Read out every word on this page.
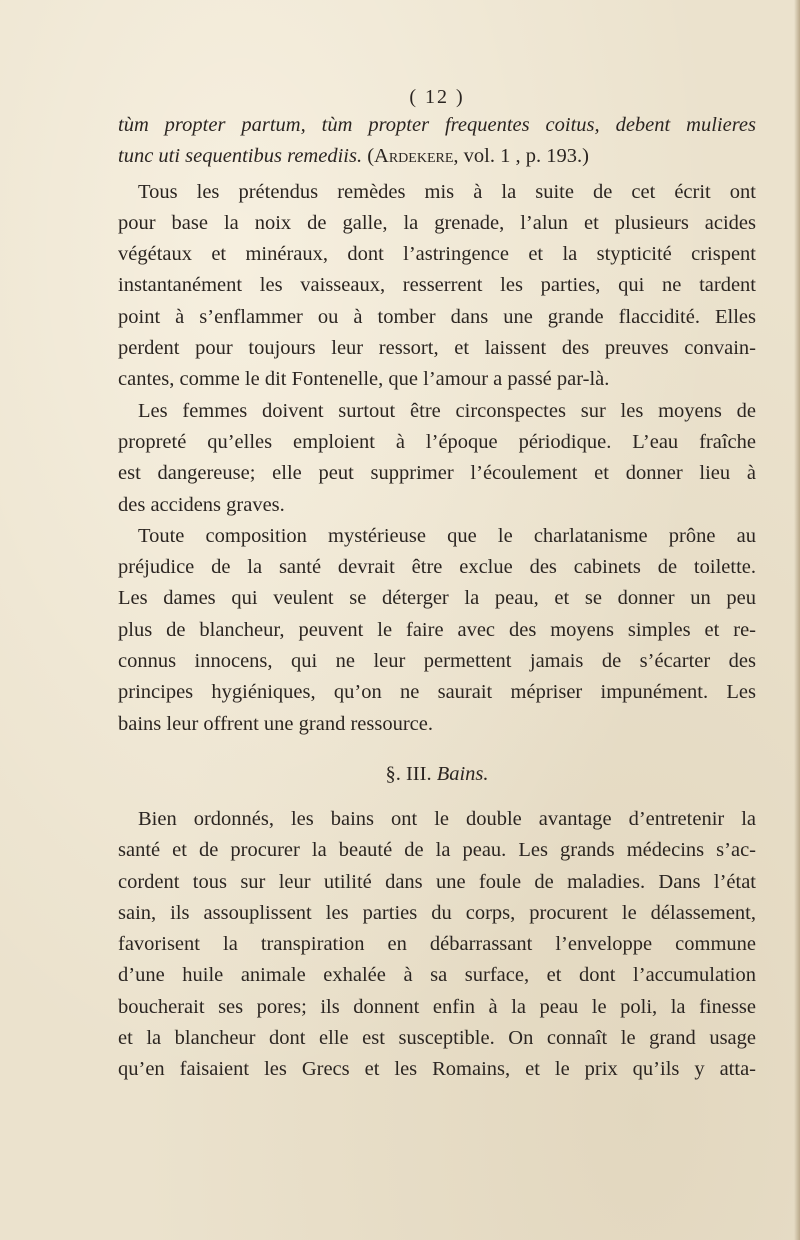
( 12 )
tùm propter partum, tùm propter frequentes coitus, debent mulieres
tunc uti sequentibus remediis. (Ardekere, vol. 1 , p. 193.)
Tous les prétendus remèdes mis à la suite de cet écrit ont
pour base la noix de galle, la grenade, l’alun et plusieurs acides
végétaux et minéraux, dont l’astringence et la stypticité crispent
instantanément les vaisseaux, resserrent les parties, qui ne tardent
point à s’enflammer ou à tomber dans une grande flaccidité. Elles
perdent pour toujours leur ressort, et laissent des preuves convain-
cantes, comme le dit Fontenelle, que l’amour a passé par-là.
Les femmes doivent surtout être circonspectes sur les moyens de
propreté qu’elles emploient à l’époque périodique. L’eau fraîche
est dangereuse; elle peut supprimer l’écoulement et donner lieu à
des accidens graves.
Toute composition mystérieuse que le charlatanisme prône au
préjudice de la santé devrait être exclue des cabinets de toilette.
Les dames qui veulent se déterger la peau, et se donner un peu
plus de blancheur, peuvent le faire avec des moyens simples et re-
connus innocens, qui ne leur permettent jamais de s’écarter des
principes hygiéniques, qu’on ne saurait mépriser impunément. Les
bains leur offrent une grand ressource.
§. III. Bains.
Bien ordonnés, les bains ont le double avantage d’entretenir la
santé et de procurer la beauté de la peau. Les grands médecins s’ac-
cordent tous sur leur utilité dans une foule de maladies. Dans l’état
sain, ils assouplissent les parties du corps, procurent le délassement,
favorisent la transpiration en débarrassant l’enveloppe commune
d’une huile animale exhalée à sa surface, et dont l’accumulation
boucherait ses pores; ils donnent enfin à la peau le poli, la finesse
et la blancheur dont elle est susceptible. On connaît le grand usage
qu’en faisaient les Grecs et les Romains, et le prix qu’ils y atta-
